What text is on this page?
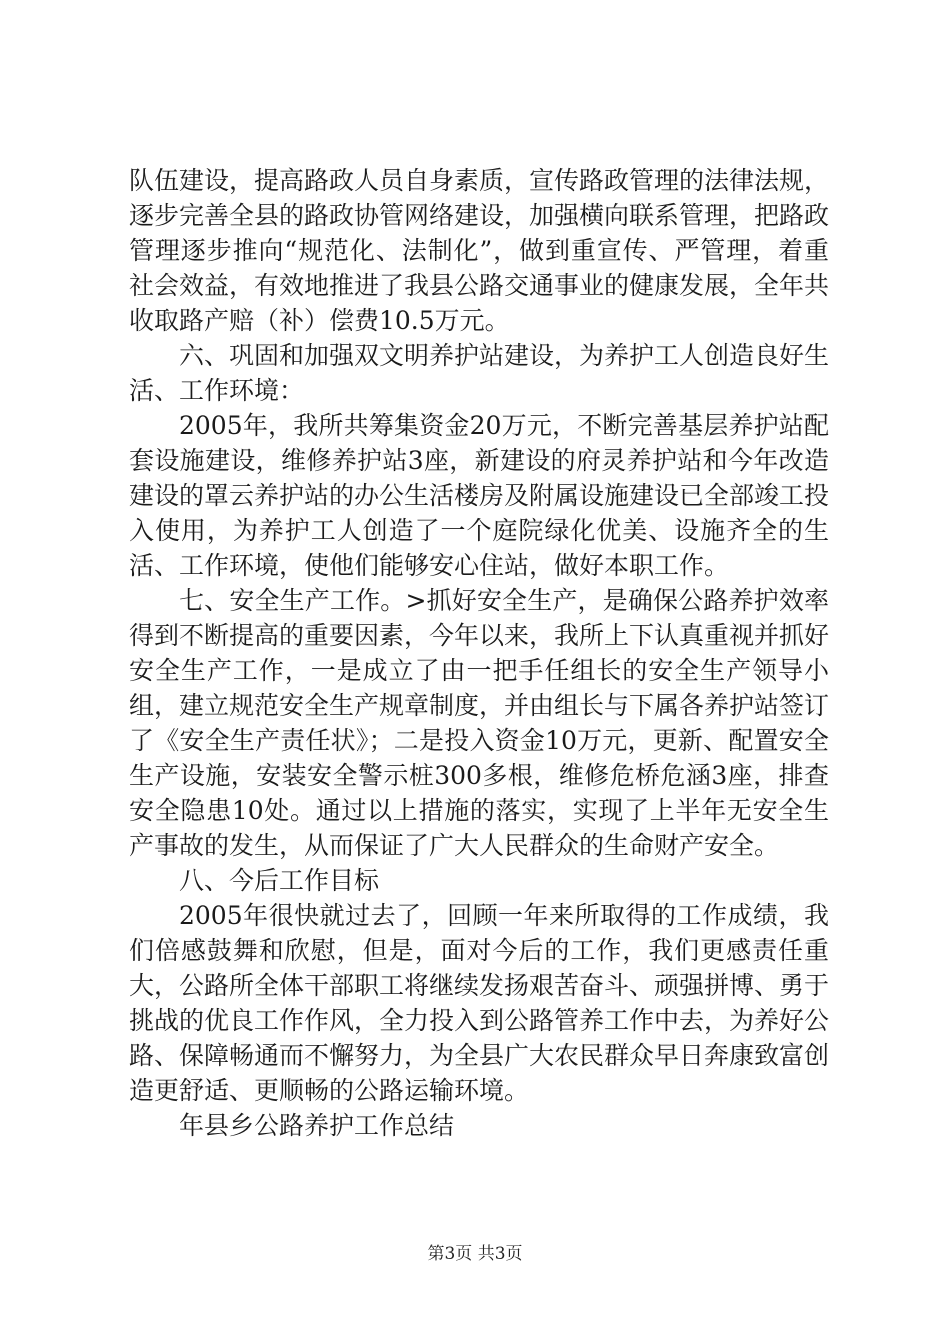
队伍建设，提高路政人员自身素质，宣传路政管理的法律法规，逐步完善全县的路政协管网络建设，加强横向联系管理，把路政管理逐步推向“规范化、法制化”，做到重宣传、严管理，着重社会效益，有效地推进了我县公路交通事业的健康发展，全年共收取路产赔（补）偿费10.5万元。

六、巩固和加强双文明养护站建设，为养护工人创造良好生活、工作环境：

2005年，我所共筹集资金20万元，不断完善基层养护站配套设施建设，维修养护站3座，新建设的府灵养护站和今年改造建设的罩云养护站的办公生活楼房及附属设施建设已全部竣工投入使用，为养护工人创造了一个庭院绿化优美、设施齐全的生活、工作环境，使他们能够安心住站，做好本职工作。

七、安全生产工作。>抓好安全生产，是确保公路养护效率得到不断提高的重要因素，今年以来，我所上下认真重视并抓好安全生产工作，一是成立了由一把手任组长的安全生产领导小组，建立规范安全生产规章制度，并由组长与下属各养护站签订了《安全生产责任状》；二是投入资金10万元，更新、配置安全生产设施，安装安全警示桩300多根，维修危桥危涵3座，排查安全隐患10处。通过以上措施的落实，实现了上半年无安全生产事故的发生，从而保证了广大人民群众的生命财产安全。

八、今后工作目标

2005年很快就过去了，回顾一年来所取得的工作成绩，我们倍感鼓舞和欣慰，但是，面对今后的工作，我们更感责任重大，公路所全体干部职工将继续发扬艰苦奋斗、顽强拼博、勇于挑战的优良工作作风，全力投入到公路管养工作中去，为养好公路、保障畅通而不懈努力，为全县广大农民群众早日奔康致富创造更舒适、更顺畅的公路运输环境。

年县乡公路养护工作总结

第3页 共3页
